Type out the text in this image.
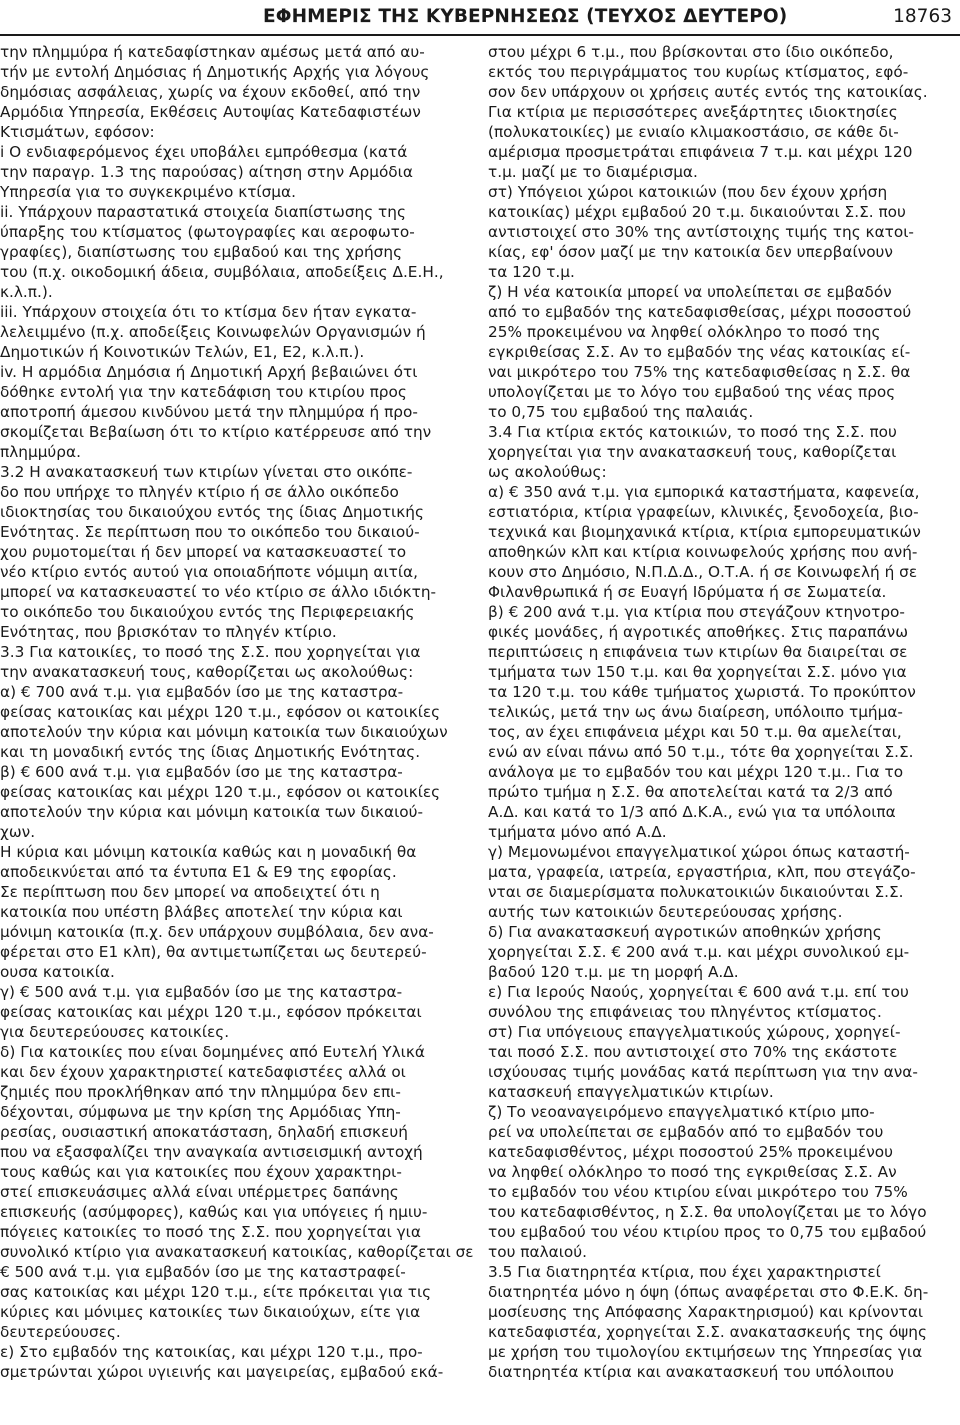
ΕΦΗΜΕΡΙΣ ΤΗΣ ΚΥΒΕΡΝΗΣΕΩΣ (ΤΕΥΧΟΣ ΔΕΥΤΕΡΟ)	18763

την πλημμύρα ή κατεδαφίστηκαν αμέσως μετά από αυ-

τήν με εντολή Δημόσιας ή Δημοτικής Αρχής για λόγους

δημόσιας ασφάλειας, χωρίς να έχουν εκδοθεί, από την

Αρμόδια Υπηρεσία, Εκθέσεις Αυτοψίας Κατεδαφιστέων

Κτισμάτων, εφόσον:

i Ο ενδιαφερόμενος έχει υποβάλει εμπρόθεσμα (κατά

την παραγρ. 1.3 της παρούσας) αίτηση στην Αρμόδια

Υπηρεσία για το συγκεκριμένο κτίσμα.

ii. Υπάρχουν παραστατικά στοιχεία διαπίστωσης της

ύπαρξης του κτίσματος (φωτογραφίες και αεροφωτο-

γραφίες), διαπίστωσης του εμβαδού και της χρήσης

του (π.χ. οικοδομική άδεια, συμβόλαια, αποδείξεις Δ.Ε.Η.,

κ.λ.π.).

iii. Υπάρχουν στοιχεία ότι το κτίσμα δεν ήταν εγκατα-

λελειμμένο (π.χ. αποδείξεις Κοινωφελών Οργανισμών ή

Δημοτικών ή Κοινοτικών Τελών, Ε1, Ε2, κ.λ.π.).

iv. Η αρμόδια Δημόσια ή Δημοτική Αρχή βεβαιώνει ότι

δόθηκε εντολή για την κατεδάφιση του κτιρίου προς

αποτροπή άμεσου κινδύνου μετά την πλημμύρα ή προ-

σκομίζεται Βεβαίωση ότι το κτίριο κατέρρευσε από την

πλημμύρα.

3.2 Η ανακατασκευή των κτιρίων γίνεται στο οικόπε-

δο που υπήρχε το πληγέν κτίριο ή σε άλλο οικόπεδο

ιδιοκτησίας του δικαιούχου εντός της ίδιας Δημοτικής

Ενότητας. Σε περίπτωση που το οικόπεδο του δικαιού-

χου ρυμοτομείται ή δεν μπορεί να κατασκευαστεί το

νέο κτίριο εντός αυτού για οποιαδήποτε νόμιμη αιτία,

μπορεί να κατασκευαστεί το νέο κτίριο σε άλλο ιδιόκτη-

το οικόπεδο του δικαιούχου εντός της Περιφερειακής

Ενότητας, που βρισκόταν το πληγέν κτίριο.

3.3 Για κατοικίες, το ποσό της Σ.Σ. που χορηγείται για

την ανακατασκευή τους, καθορίζεται ως ακολούθως:

α) € 700 ανά τ.μ. για εμβαδόν ίσο με της καταστρα-

φείσας κατοικίας και μέχρι 120 τ.μ., εφόσον οι κατοικίες

αποτελούν την κύρια και μόνιμη κατοικία των δικαιούχων

και τη μοναδική εντός της ίδιας Δημοτικής Ενότητας.

β) € 600 ανά τ.μ. για εμβαδόν ίσο με της καταστρα-

φείσας κατοικίας και μέχρι 120 τ.μ., εφόσον οι κατοικίες

αποτελούν την κύρια και μόνιμη κατοικία των δικαιού-

χων.

Η κύρια και μόνιμη κατοικία καθώς και η μοναδική θα

αποδεικνύεται από τα έντυπα Ε1 & Ε9 της εφορίας.

Σε περίπτωση που δεν μπορεί να αποδειχτεί ότι η

κατοικία που υπέστη βλάβες αποτελεί την κύρια και

μόνιμη κατοικία (π.χ. δεν υπάρχουν συμβόλαια, δεν ανα-

φέρεται στο Ε1 κλπ), θα αντιμετωπίζεται ως δευτερεύ-

ουσα κατοικία.

γ) € 500 ανά τ.μ. για εμβαδόν ίσο με της καταστρα-

φείσας κατοικίας και μέχρι 120 τ.μ., εφόσον πρόκειται

για δευτερεύουσες κατοικίες.

δ) Για κατοικίες που είναι δομημένες από Ευτελή Υλικά

και δεν έχουν χαρακτηριστεί κατεδαφιστέες αλλά οι

ζημιές που προκλήθηκαν από την πλημμύρα δεν επι-

δέχονται, σύμφωνα με την κρίση της Αρμόδιας Υπη-

ρεσίας, ουσιαστική αποκατάσταση, δηλαδή επισκευή

που να εξασφαλίζει την αναγκαία αντισεισμική αντοχή

τους καθώς και για κατοικίες που έχουν χαρακτηρι-

στεί επισκευάσιμες αλλά είναι υπέρμετρες δαπάνης

επισκευής (ασύμφορες), καθώς και για υπόγειες ή ημιυ-

πόγειες κατοικίες το ποσό της Σ.Σ. που χορηγείται για

συνολικό κτίριο για ανακατασκευή κατοικίας, καθορίζεται σε

€ 500 ανά τ.μ. για εμβαδόν ίσο με της καταστραφεί-

σας κατοικίας και μέχρι 120 τ.μ., είτε πρόκειται για τις

κύριες και μόνιμες κατοικίες των δικαιούχων, είτε για

δευτερεύουσες.

ε) Στο εμβαδόν της κατοικίας, και μέχρι 120 τ.μ., προ-

σμετρώνται χώροι υγιεινής και μαγειρείας, εμβαδού εκά-

στου μέχρι 6 τ.μ., που βρίσκονται στο ίδιο οικόπεδο,

εκτός του περιγράμματος του κυρίως κτίσματος, εφό-

σον δεν υπάρχουν οι χρήσεις αυτές εντός της κατοικίας.

Για κτίρια με περισσότερες ανεξάρτητες ιδιοκτησίες

(πολυκατοικίες) με ενιαίο κλιμακοστάσιο, σε κάθε δι-

αμέρισμα προσμετράται επιφάνεια 7 τ.μ. και μέχρι 120

τ.μ. μαζί με το διαμέρισμα.

στ) Υπόγειοι χώροι κατοικιών (που δεν έχουν χρήση

κατοικίας) μέχρι εμβαδού 20 τ.μ. δικαιούνται Σ.Σ. που

αντιστοιχεί στο 30% της αντίστοιχης τιμής της κατοι-

κίας, εφ' όσον μαζί με την κατοικία δεν υπερβαίνουν

τα 120 τ.μ.

ζ) Η νέα κατοικία μπορεί να υπολείπεται σε εμβαδόν

από το εμβαδόν της κατεδαφισθείσας, μέχρι ποσοστού

25% προκειμένου να ληφθεί ολόκληρο το ποσό της

εγκριθείσας Σ.Σ. Αν το εμβαδόν της νέας κατοικίας εί-

ναι μικρότερο του 75% της κατεδαφισθείσας η Σ.Σ. θα

υπολογίζεται με το λόγο του εμβαδού της νέας προς

το 0,75 του εμβαδού της παλαιάς.

3.4 Για κτίρια εκτός κατοικιών, το ποσό της Σ.Σ. που

χορηγείται για την ανακατασκευή τους, καθορίζεται

ως ακολούθως:

α) € 350 ανά τ.μ. για εμπορικά καταστήματα, καφενεία,

εστιατόρια, κτίρια γραφείων, κλινικές, ξενοδοχεία, βιο-

τεχνικά και βιομηχανικά κτίρια, κτίρια εμπορευματικών

αποθηκών κλπ και κτίρια κοινωφελούς χρήσης που ανή-

κουν στο Δημόσιο, Ν.Π.Δ.Δ., Ο.Τ.Α. ή σε Κοινωφελή ή σε

Φιλανθρωπικά ή σε Ευαγή Ιδρύματα ή σε Σωματεία.

β) € 200 ανά τ.μ. για κτίρια που στεγάζουν κτηνοτρο-

φικές μονάδες, ή αγροτικές αποθήκες. Στις παραπάνω

περιπτώσεις η επιφάνεια των κτιρίων θα διαιρείται σε

τμήματα των 150 τ.μ. και θα χορηγείται Σ.Σ. μόνο για

τα 120 τ.μ. του κάθε τμήματος χωριστά. Το προκύπτον

τελικώς, μετά την ως άνω διαίρεση, υπόλοιπο τμήμα-

τος, αν έχει επιφάνεια μέχρι και 50 τ.μ. θα αμελείται,

ενώ αν είναι πάνω από 50 τ.μ., τότε θα χορηγείται Σ.Σ.

ανάλογα με το εμβαδόν του και μέχρι 120 τ.μ.. Για το

πρώτο τμήμα η Σ.Σ. θα αποτελείται κατά τα 2/3 από

Α.Δ. και κατά το 1/3 από Δ.Κ.Α., ενώ για τα υπόλοιπα

τμήματα μόνο από Α.Δ.

γ) Μεμονωμένοι επαγγελματικοί χώροι όπως καταστή-

ματα, γραφεία, ιατρεία, εργαστήρια, κλπ, που στεγάζο-

νται σε διαμερίσματα πολυκατοικιών δικαιούνται Σ.Σ.

αυτής των κατοικιών δευτερεύουσας χρήσης.

δ) Για ανακατασκευή αγροτικών αποθηκών χρήσης

χορηγείται Σ.Σ. € 200 ανά τ.μ. και μέχρι συνολικού εμ-

βαδού 120 τ.μ. με τη μορφή Α.Δ.

ε) Για Ιερούς Ναούς, χορηγείται € 600 ανά τ.μ. επί του

συνόλου της επιφάνειας του πληγέντος κτίσματος.

στ) Για υπόγειους επαγγελματικούς χώρους, χορηγεί-

ται ποσό Σ.Σ. που αντιστοιχεί στο 70% της εκάστοτε

ισχύουσας τιμής μονάδας κατά περίπτωση για την ανα-

κατασκευή επαγγελματικών κτιρίων.

ζ) Το νεοαναγειρόμενο επαγγελματικό κτίριο μπο-

ρεί να υπολείπεται σε εμβαδόν από το εμβαδόν του

κατεδαφισθέντος, μέχρι ποσοστού 25% προκειμένου

να ληφθεί ολόκληρο το ποσό της εγκριθείσας Σ.Σ. Αν

το εμβαδόν του νέου κτιρίου είναι μικρότερο του 75%

του κατεδαφισθέντος, η Σ.Σ. θα υπολογίζεται με το λόγο

του εμβαδού του νέου κτιρίου προς το 0,75 του εμβαδού

του παλαιού.

3.5 Για διατηρητέα κτίρια, που έχει χαρακτηριστεί

διατηρητέα μόνο η όψη (όπως αναφέρεται στο Φ.Ε.Κ. δη-

μοσίευσης της Απόφασης Χαρακτηρισμού) και κρίνονται

κατεδαφιστέα, χορηγείται Σ.Σ. ανακατασκευής της όψης

με χρήση του τιμολογίου εκτιμήσεων της Υπηρεσίας για

διατηρητέα κτίρια και ανακατασκευή του υπόλοιπου
